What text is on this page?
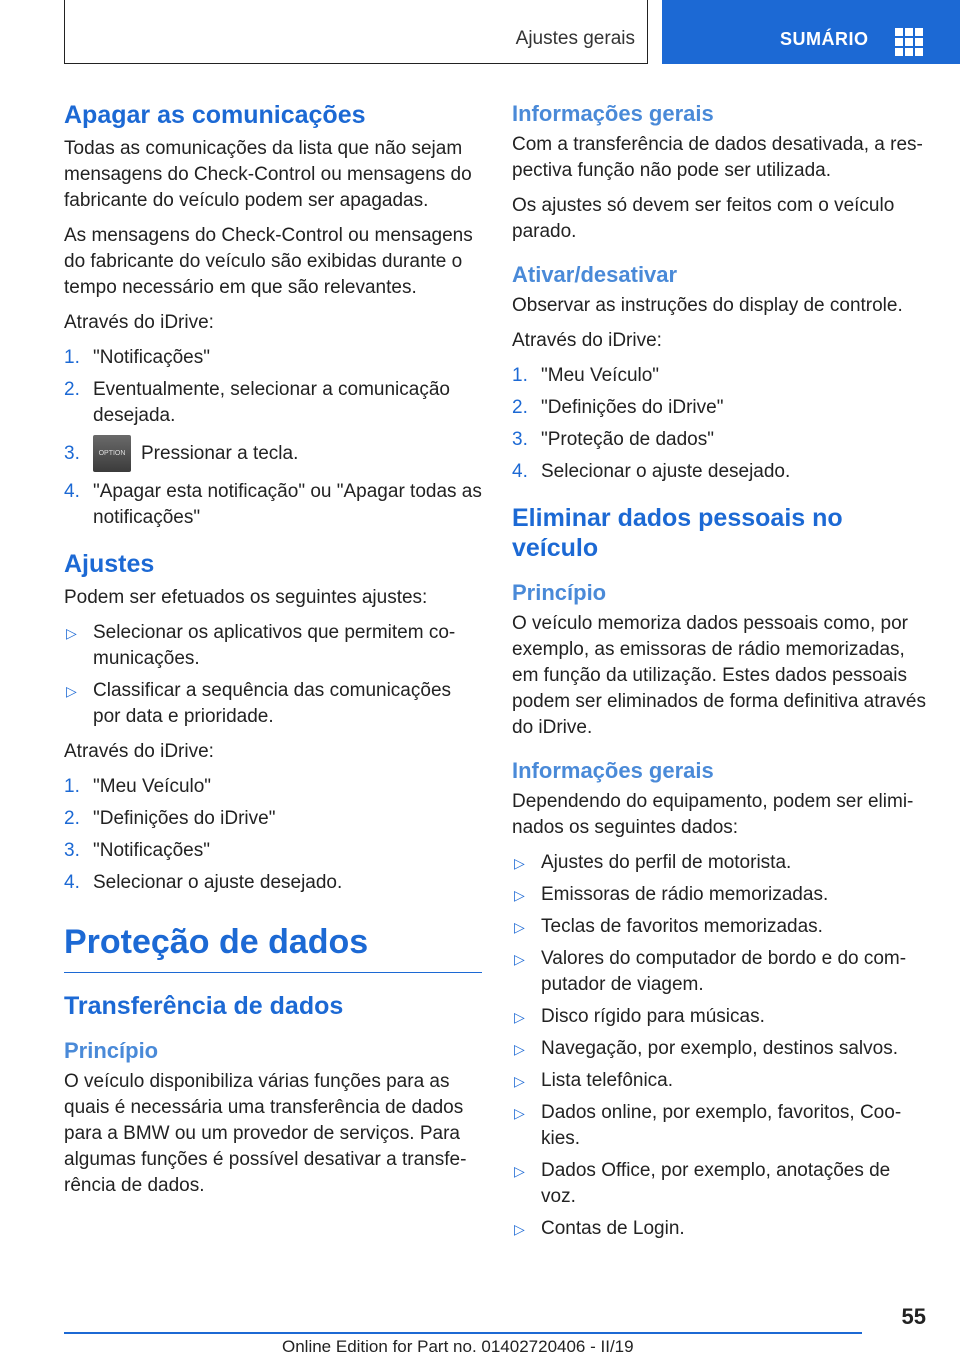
Ajustes gerais	SUMÁRIO
Apagar as comunicações

Todas as comunicações da lista que não sejam mensagens do Check-Control ou mensagens do fabricante do veículo podem ser apagadas.

As mensagens do Check-Control ou mensagens do fabricante do veículo são exibidas durante o tempo necessário em que são relevantes.

Através do iDrive:

1. "Notificações"
2. Eventualmente, selecionar a comunicação desejada.
3.	OPTION Pressionar a tecla.
4. "Apagar esta notificação" ou "Apagar todas as notificações"
Ajustes

Podem ser efetuados os seguintes ajustes:

▷ Selecionar os aplicativos que permitem comunicações.
▷ Classificar a sequência das comunicações por data e prioridade.

Através do iDrive:

1. "Meu Veículo"
2. "Definições do iDrive"
3. "Notificações"
4. Selecionar o ajuste desejado.
Proteção de dados
Transferência de dados
Princípio

O veículo disponibiliza várias funções para as quais é necessária uma transferência de dados para a BMW ou um provedor de serviços. Para algumas funções é possível desativar a transferência de dados.

Informações gerais

Com a transferência de dados desativada, a respectiva função não pode ser utilizada.

Os ajustes só devem ser feitos com o veículo parado.

Ativar/desativar

Observar as instruções do display de controle.

Através do iDrive:

1. "Meu Veículo"
2. "Definições do iDrive"
3. "Proteção de dados"
4. Selecionar o ajuste desejado.
Eliminar dados pessoais no veículo
Princípio

O veículo memoriza dados pessoais como, por exemplo, as emissoras de rádio memorizadas, em função da utilização. Estes dados pessoais podem ser eliminados de forma definitiva através do iDrive.

Informações gerais

Dependendo do equipamento, podem ser eliminados os seguintes dados:

▷ Ajustes do perfil de motorista.
▷ Emissoras de rádio memorizadas.
▷ Teclas de favoritos memorizadas.
▷ Valores do computador de bordo e do computador de viagem.
▷ Disco rígido para músicas.
▷ Navegação, por exemplo, destinos salvos.
▷ Lista telefônica.
▷ Dados online, por exemplo, favoritos, Cookies.
▷ Dados Office, por exemplo, anotações de voz.
▷ Contas de Login.
55
Online Edition for Part no. 01402720406 - II/19
